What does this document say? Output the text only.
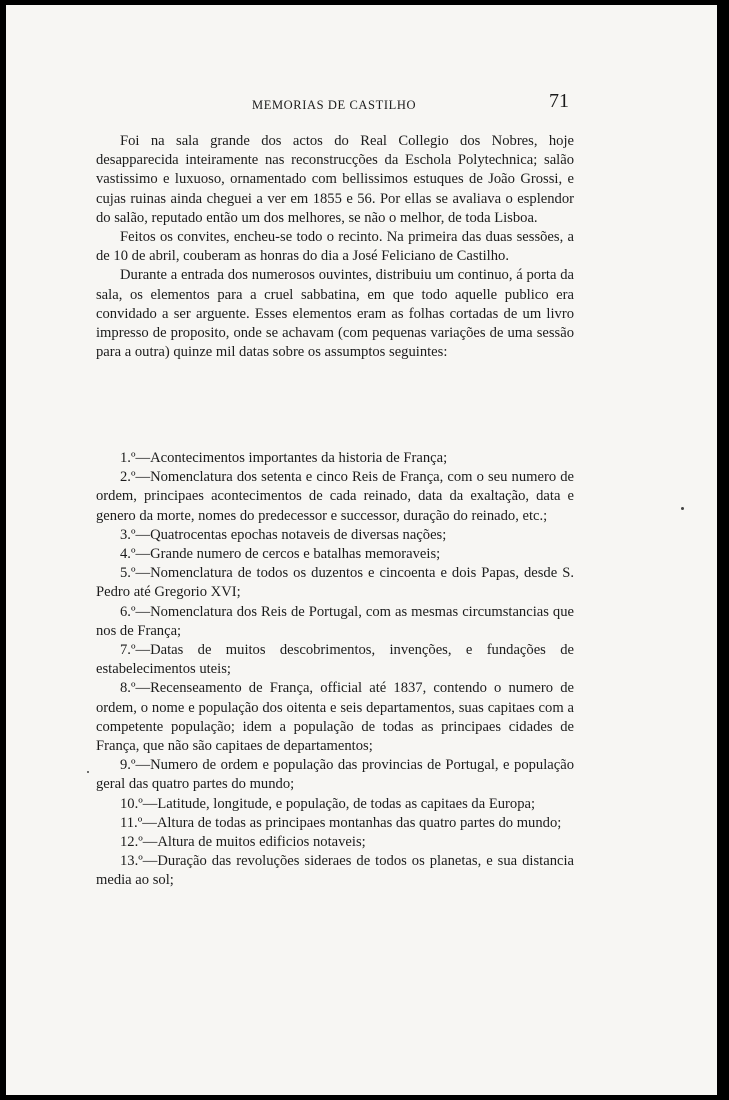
MEMORIAS DE CASTILHO	71

Foi na sala grande dos actos do Real Collegio dos Nobres, hoje desapparecida inteiramente nas reconstrucções da Eschola Polytechnica; salão vastissimo e luxuoso, ornamentado com bellissimos estuques de João Grossi, e cujas ruinas ainda cheguei a ver em 1855 e 56. Por ellas se avaliava o esplendor do salão, reputado então um dos melhores, se não o melhor, de toda Lisboa.

Feitos os convites, encheu-se todo o recinto. Na primeira das duas sessões, a de 10 de abril, couberam as honras do dia a José Feliciano de Castilho.

Durante a entrada dos numerosos ouvintes, distribuiu um continuo, á porta da sala, os elementos para a cruel sabbatina, em que todo aquelle publico era convidado a ser arguente. Esses elementos eram as folhas cortadas de um livro impresso de proposito, onde se achavam (com pequenas variações de uma sessão para a outra) quinze mil datas sobre os assumptos seguintes:

1.º—Acontecimentos importantes da historia de França;

2.º—Nomenclatura dos setenta e cinco Reis de França, com o seu numero de ordem, principaes acontecimentos de cada reinado, data da exaltação, data e genero da morte, nomes do predecessor e successor, duração do reinado, etc.;

3.º—Quatrocentas epochas notaveis de diversas nações;

4.º—Grande numero de cercos e batalhas memoraveis;

5.º—Nomenclatura de todos os duzentos e cincoenta e dois Papas, desde S. Pedro até Gregorio XVI;

6.º—Nomenclatura dos Reis de Portugal, com as mesmas circumstancias que nos de França;

7.º—Datas de muitos descobrimentos, invenções, e fundações de estabelecimentos uteis;

8.º—Recenseamento de França, official até 1837, contendo o numero de ordem, o nome e população dos oitenta e seis departamentos, suas capitaes com a competente população; idem a população de todas as principaes cidades de França, que não são capitaes de departamentos;

9.º—Numero de ordem e população das provincias de Portugal, e população geral das quatro partes do mundo;

10.º—Latitude, longitude, e população, de todas as capitaes da Europa;

11.º—Altura de todas as principaes montanhas das quatro partes do mundo;

12.º—Altura de muitos edificios notaveis;

13.º—Duração das revoluções sideraes de todos os planetas, e sua distancia media ao sol;
